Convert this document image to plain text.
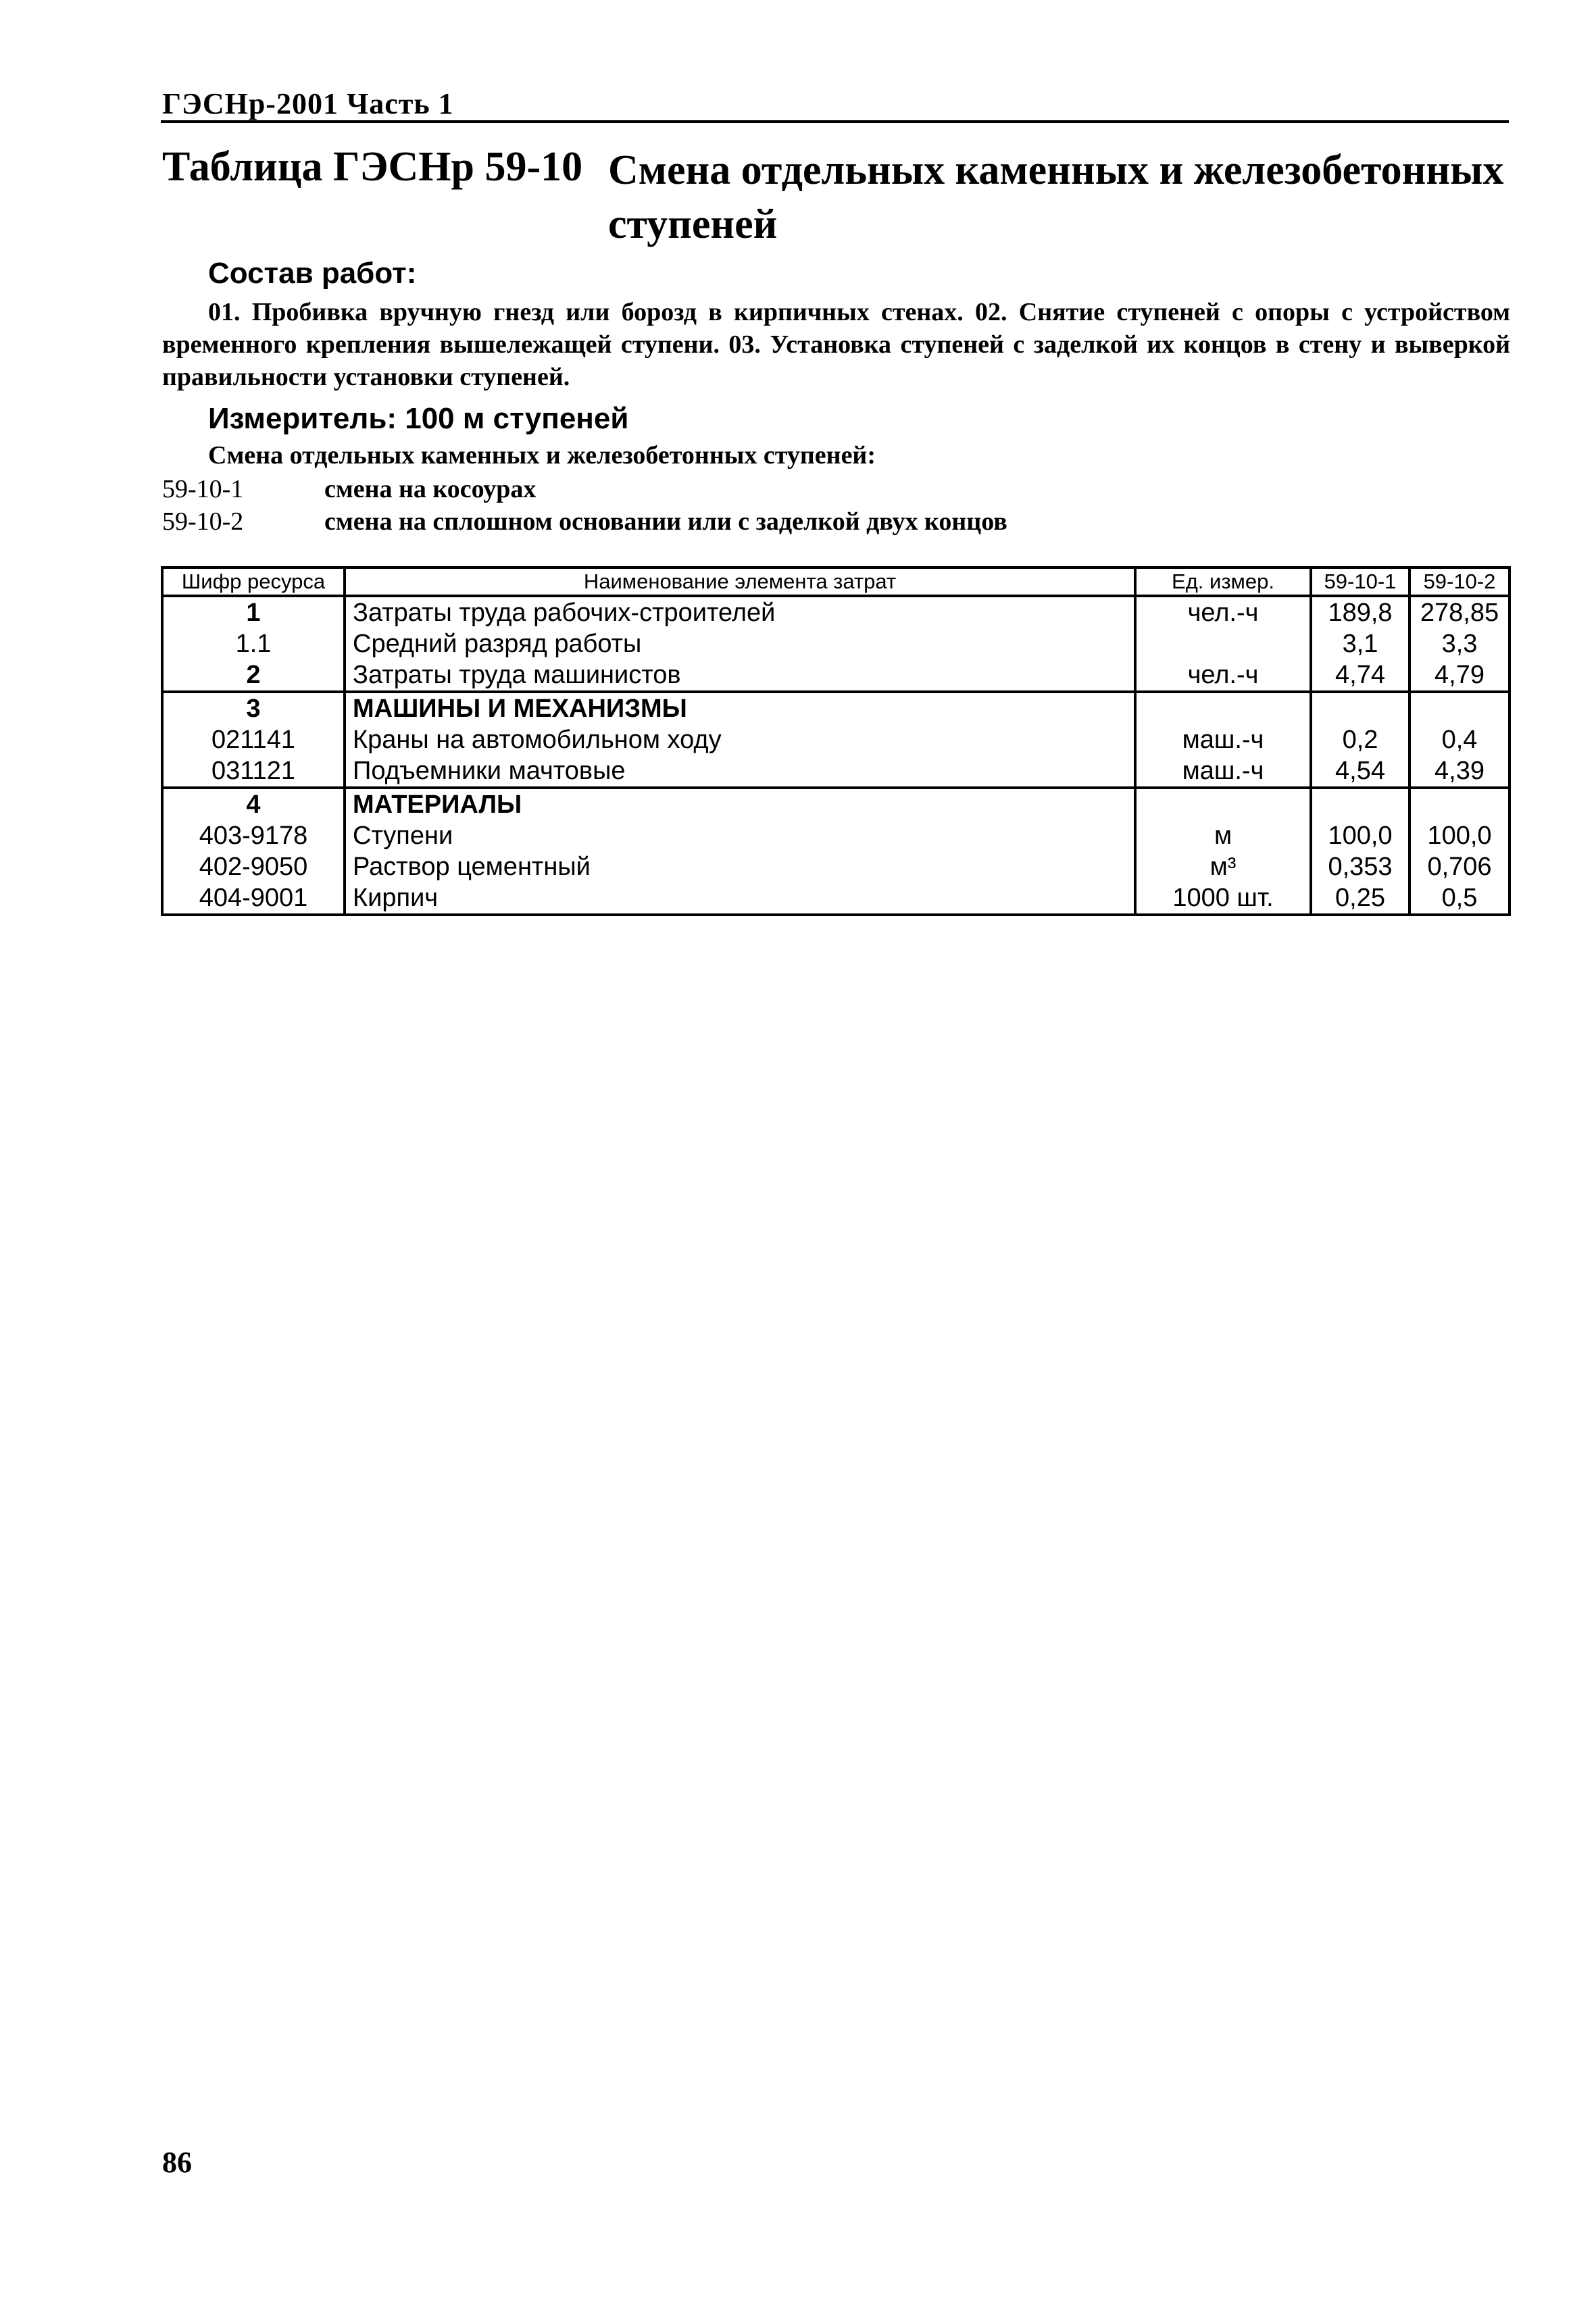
ГЭСНр-2001 Часть 1
Таблица ГЭСНр 59-10 Смена отдельных каменных и железобетонных ступеней
Состав работ:
01. Пробивка вручную гнезд или борозд в кирпичных стенах. 02. Снятие ступеней с опоры с устройством временного крепления вышележащей ступени. 03. Установка ступеней с заделкой их концов в стену и выверкой правильности установки ступеней.
Измеритель: 100 м ступеней
Смена отдельных каменных и железобетонных ступеней:
59-10-1	смена на косоурах
59-10-2	смена на сплошном основании или с заделкой двух концов
Шифр ресурса	Наименование элемента затрат	Ед. измер.	59-10-1	59-10-2
1	Затраты труда рабочих-строителей	чел.-ч	189,8	278,85
1.1	Средний разряд работы		3,1	3,3
2	Затраты труда машинистов	чел.-ч	4,74	4,79
3	МАШИНЫ И МЕХАНИЗМЫ			
021141	Краны на автомобильном ходу	маш.-ч	0,2	0,4
031121	Подъемники мачтовые	маш.-ч	4,54	4,39
4	МАТЕРИАЛЫ			
403-9178	Ступени	м	100,0	100,0
402-9050	Раствор цементный	м³	0,353	0,706
404-9001	Кирпич	1000 шт.	0,25	0,5
86
